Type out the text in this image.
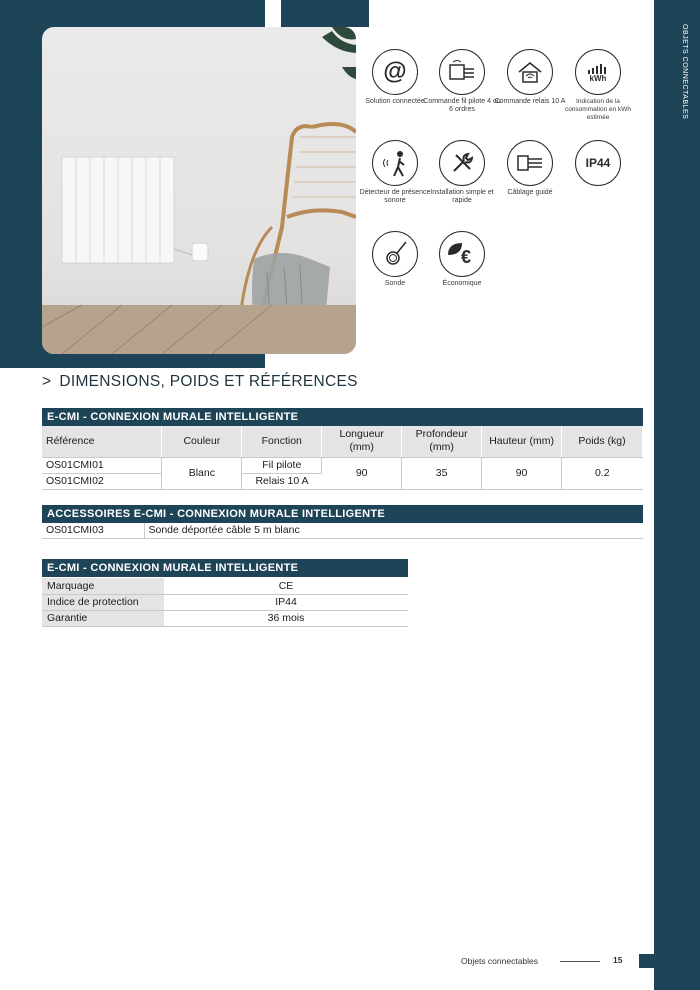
OBJETS CONNECTABLES
@
Solution connectée
Commande fil pilote 4 ou 6 ordres
Commande relais 10 A
kWh
Indication de la consommation en kWh estimée
Détecteur de présence sonore
Installation simple et rapide
Câblage guidé
IP44
Sonde
€
Économique
> DIMENSIONS, POIDS ET RÉFÉRENCES
E-CMI - CONNEXION MURALE INTELLIGENTE
Référence	Couleur	Fonction	Longueur (mm)	Profondeur (mm)	Hauteur (mm)	Poids (kg)
OS01CMI01	Blanc	Fil pilote	90	35	90	0.2
OS01CMI02		Relais 10 A				
ACCESSOIRES E-CMI - CONNEXION MURALE INTELLIGENTE
OS01CMI03	Sonde déportée câble 5 m blanc
E-CMI - CONNEXION MURALE INTELLIGENTE
Marquage	CE
Indice de protection	IP44
Garantie	36 mois
Objets connectables	15
